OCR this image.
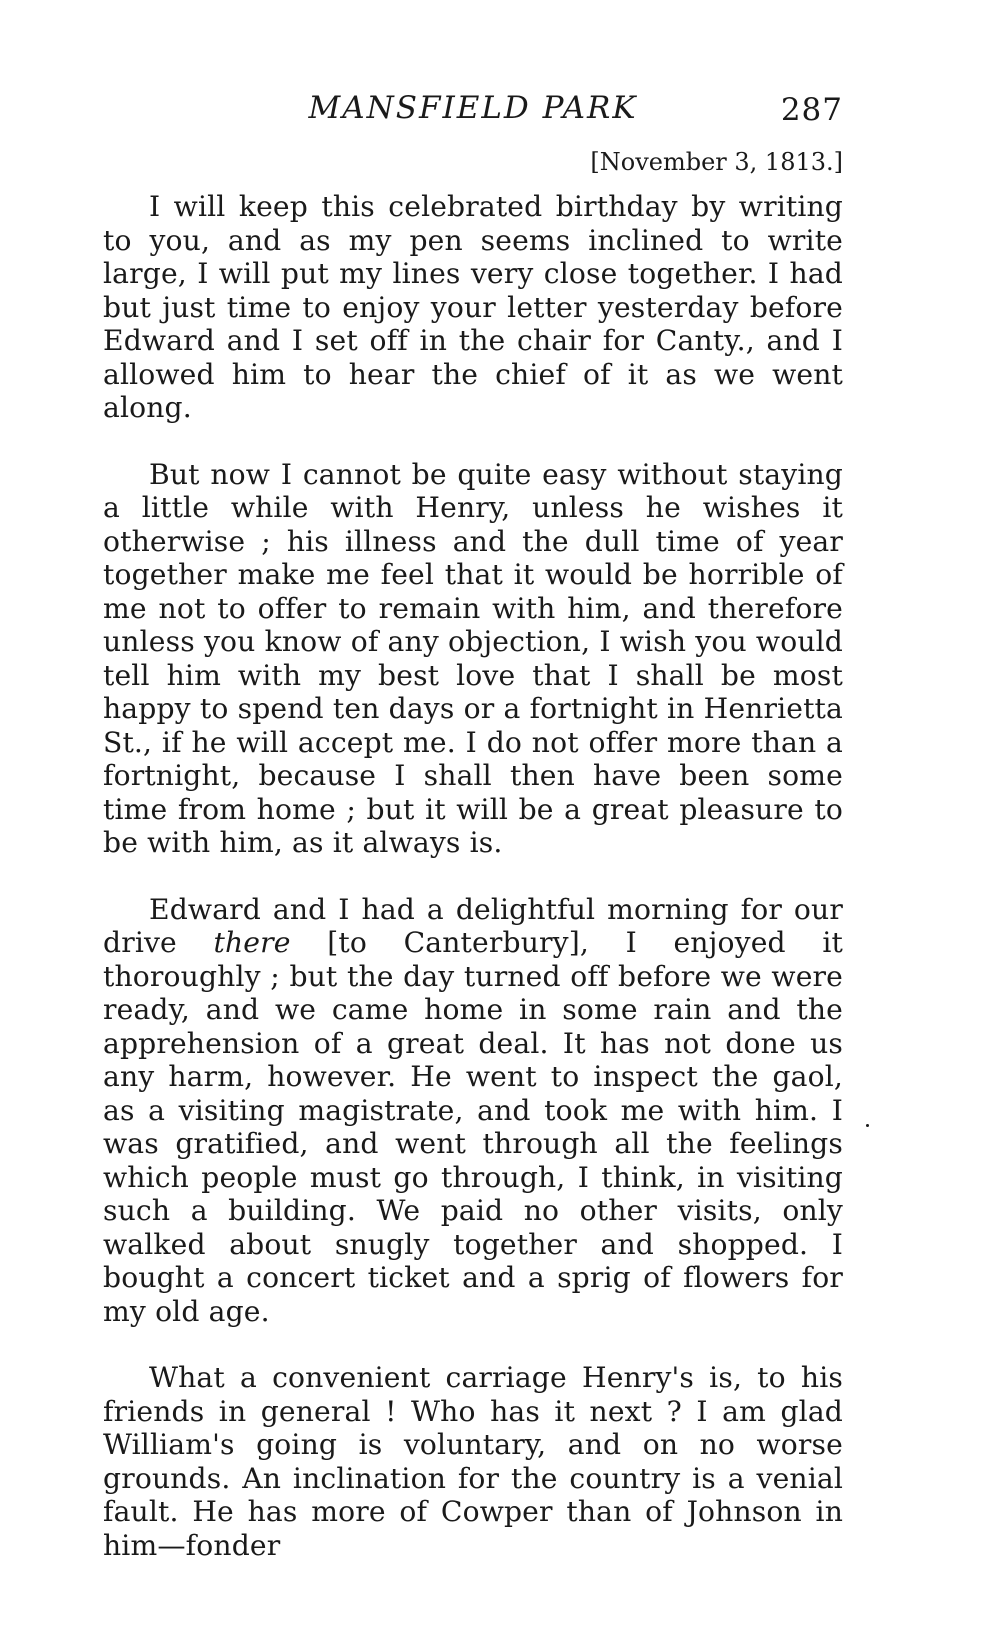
MANSFIELD PARK	287
[November 3, 1813.]

I will keep this celebrated birthday by writing to you, and as my pen seems inclined to write large, I will put my lines very close together. I had but just time to enjoy your letter yesterday before Edward and I set off in the chair for Canty., and I allowed him to hear the chief of it as we went along.

But now I cannot be quite easy without staying a little while with Henry, unless he wishes it otherwise ; his illness and the dull time of year together make me feel that it would be horrible of me not to offer to remain with him, and therefore unless you know of any objection, I wish you would tell him with my best love that I shall be most happy to spend ten days or a fortnight in Henrietta St., if he will accept me. I do not offer more than a fortnight, because I shall then have been some time from home ; but it will be a great pleasure to be with him, as it always is.

Edward and I had a delightful morning for our drive there [to Canterbury], I enjoyed it thoroughly ; but the day turned off before we were ready, and we came home in some rain and the apprehension of a great deal. It has not done us any harm, however. He went to inspect the gaol, as a visiting magistrate, and took me with him. I was gratified, and went through all the feelings which people must go through, I think, in visiting such a building. We paid no other visits, only walked about snugly together and shopped. I bought a concert ticket and a sprig of flowers for my old age.

What a convenient carriage Henry's is, to his friends in general ! Who has it next ? I am glad William's going is voluntary, and on no worse grounds. An inclination for the country is a venial fault. He has more of Cowper than of Johnson in him—fonder
